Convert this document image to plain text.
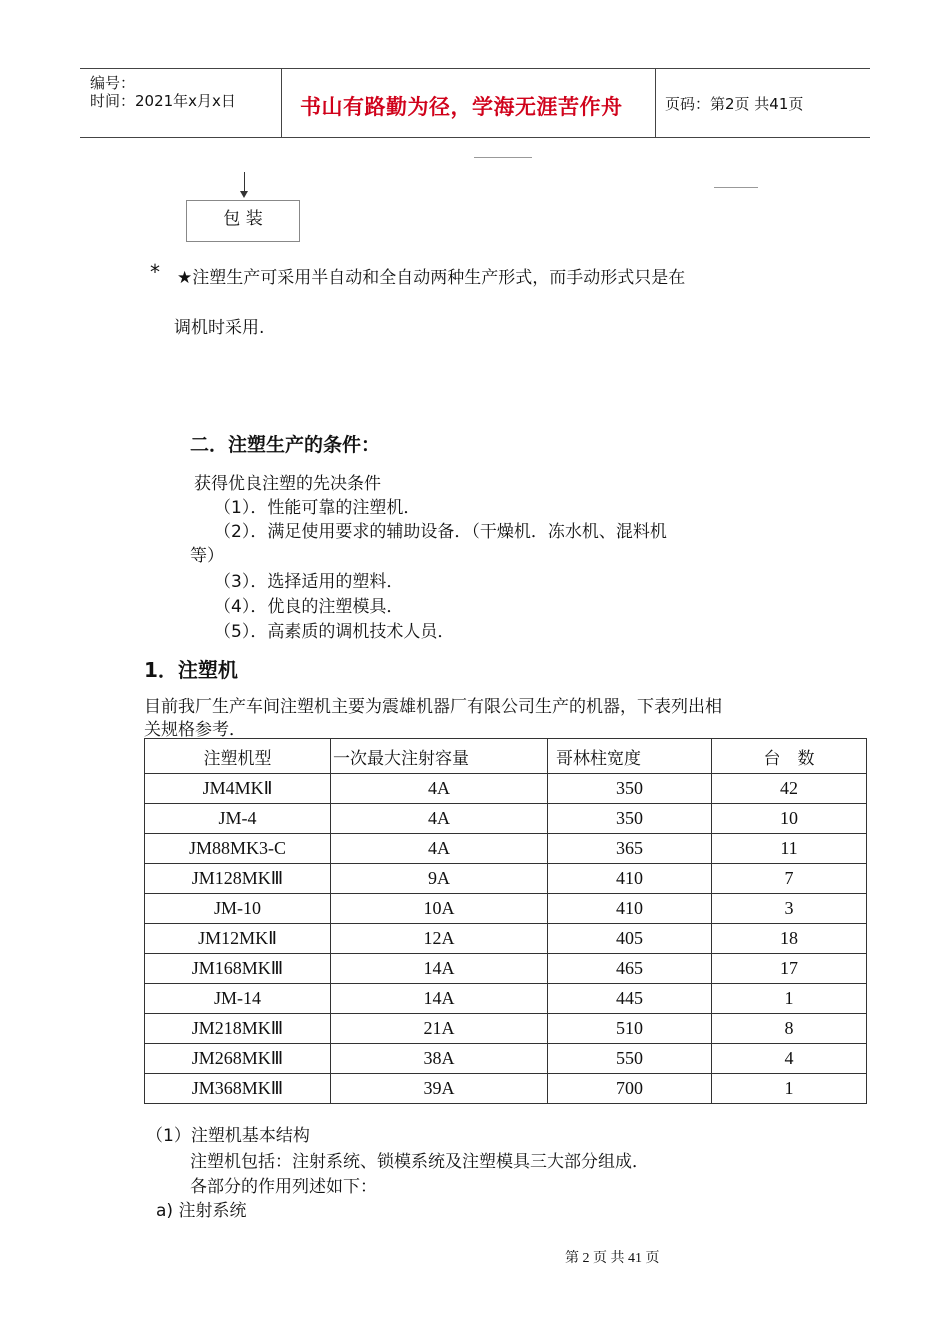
编号：
时间：2021年x月x日	书山有路勤为径，学海无涯苦作舟	页码：第2页 共41页
包 装
* ★注塑生产可采用半自动和全自动两种生产形式，而手动形式只是在
调机时采用.
二．注塑生产的条件：
获得优良注塑的先决条件
（1）．性能可靠的注塑机．
（2）．满足使用要求的辅助设备．（干燥机．冻水机、混料机
等）
（3）．选择适用的塑料．
（4）．优良的注塑模具．
（5）．高素质的调机技术人员．
1．注塑机
目前我厂生产车间注塑机主要为震雄机器厂有限公司生产的机器，下表列出相
关规格参考．
注塑机型	一次最大注射容量	哥林柱宽度	台　数
JM4MKⅡ	4A	350	42
JM-4	4A	350	10
JM88MK3-C	4A	365	11
JM128MKⅢ	9A	410	7
JM-10	10A	410	3
JM12MKⅡ	12A	405	18
JM168MKⅢ	14A	465	17
JM-14	14A	445	1
JM218MKⅢ	21A	510	8
JM268MKⅢ	38A	550	4
JM368MKⅢ	39A	700	1
（1）注塑机基本结构
注塑机包括：注射系统、锁模系统及注塑模具三大部分组成．
各部分的作用列述如下：
a) 注射系统
第 2 页 共 41 页
